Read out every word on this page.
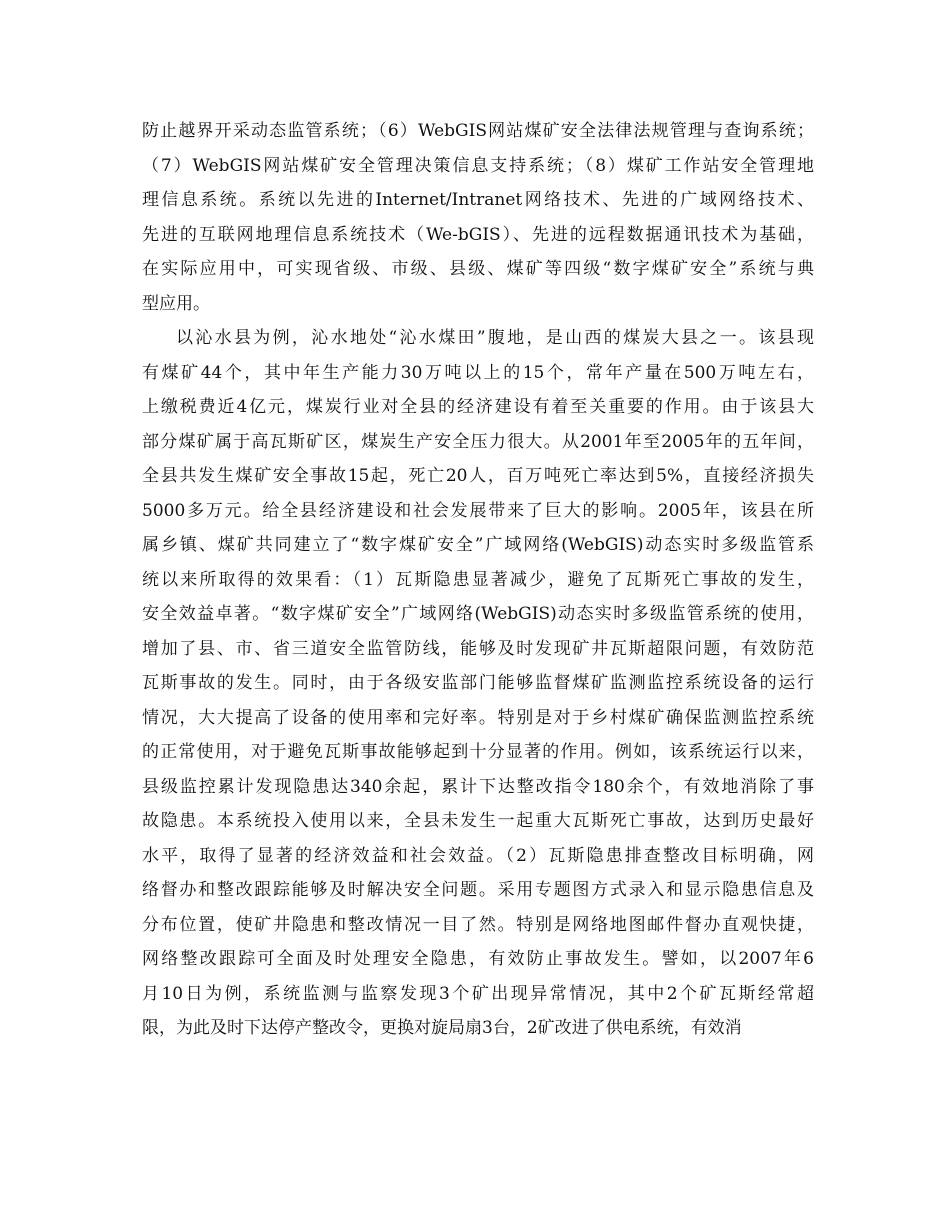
防止越界开采动态监管系统；（6）WebGIS网站煤矿安全法律法规管理与查询系统；
（7）WebGIS网站煤矿安全管理决策信息支持系统；（8）煤矿工作站安全管理地
理信息系统。系统以先进的Internet/Intranet网络技术、先进的广域网络技术、
先进的互联网地理信息系统技术（We-bGIS）、先进的远程数据通讯技术为基础，
在实际应用中，可实现省级、市级、县级、煤矿等四级“数字煤矿安全”系统与典
型应用。
以沁水县为例，沁水地处“沁水煤田”腹地，是山西的煤炭大县之一。该县现
有煤矿44个，其中年生产能力30万吨以上的15个，常年产量在500万吨左右，
上缴税费近4亿元，煤炭行业对全县的经济建设有着至关重要的作用。由于该县大
部分煤矿属于高瓦斯矿区，煤炭生产安全压力很大。从2001年至2005年的五年间，
全县共发生煤矿安全事故15起，死亡20人，百万吨死亡率达到5%，直接经济损失
5000多万元。给全县经济建设和社会发展带来了巨大的影响。2005年，该县在所
属乡镇、煤矿共同建立了“数字煤矿安全”广域网络(WebGIS)动态实时多级监管系
统以来所取得的效果看：（1）瓦斯隐患显著减少，避免了瓦斯死亡事故的发生，
安全效益卓著。“数字煤矿安全”广域网络(WebGIS)动态实时多级监管系统的使用，
增加了县、市、省三道安全监管防线，能够及时发现矿井瓦斯超限问题，有效防范
瓦斯事故的发生。同时，由于各级安监部门能够监督煤矿监测监控系统设备的运行
情况，大大提高了设备的使用率和完好率。特别是对于乡村煤矿确保监测监控系统
的正常使用，对于避免瓦斯事故能够起到十分显著的作用。例如，该系统运行以来，
县级监控累计发现隐患达340余起，累计下达整改指令180余个，有效地消除了事
故隐患。本系统投入使用以来，全县未发生一起重大瓦斯死亡事故，达到历史最好
水平，取得了显著的经济效益和社会效益。（2）瓦斯隐患排查整改目标明确，网
络督办和整改跟踪能够及时解决安全问题。采用专题图方式录入和显示隐患信息及
分布位置，使矿井隐患和整改情况一目了然。特别是网络地图邮件督办直观快捷，
网络整改跟踪可全面及时处理安全隐患，有效防止事故发生。譬如，以2007年6
月10日为例，系统监测与监察发现3个矿出现异常情况，其中2个矿瓦斯经常超
限，为此及时下达停产整改令，更换对旋局扇3台，2矿改进了供电系统，有效消
